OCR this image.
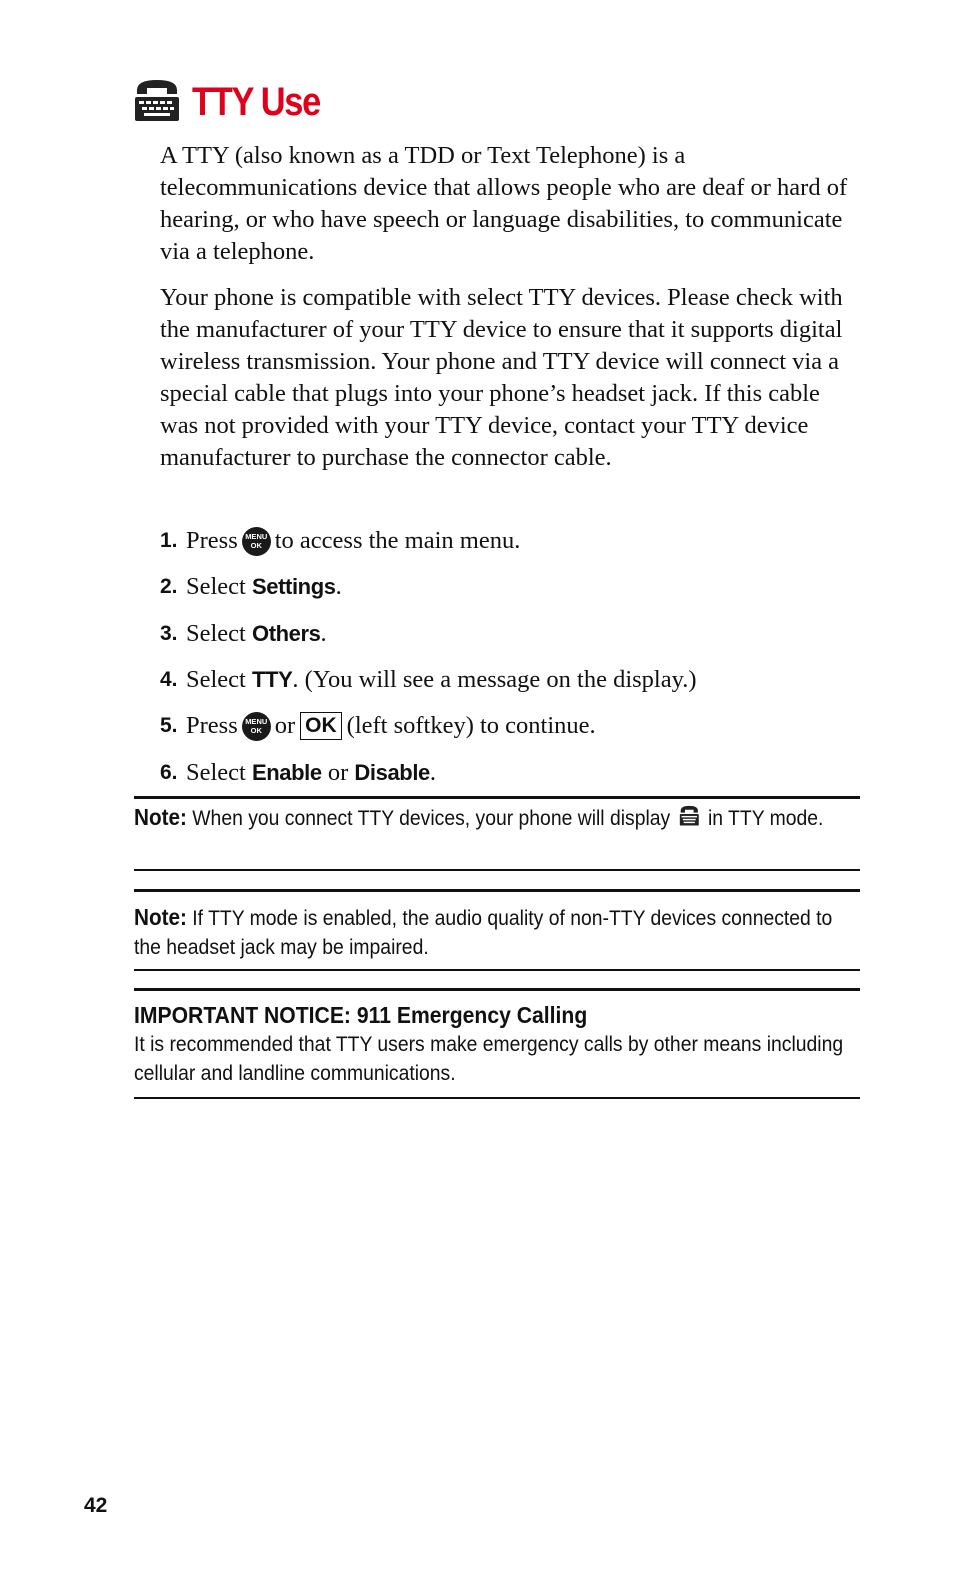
TTY Use

A TTY (also known as a TDD or Text Telephone) is a telecommunications device that allows people who are deaf or hard of hearing, or who have speech or language disabilities, to communicate via a telephone.

Your phone is compatible with select TTY devices. Please check with the manufacturer of your TTY device to ensure that it supports digital wireless transmission. Your phone and TTY device will connect via a special cable that plugs into your phone’s headset jack. If this cable was not provided with your TTY device, contact your TTY device manufacturer to purchase the connector cable.

1. Press MENU
OK to access the main menu.
2. Select
Settings .
3. Select
Others .
4. Select
TTY . (You will see a message on the display.)
5. Press MENU
OK or OK (left softkey) to continue.
6. Select
Enable
or
Disable .
Note: When you connect TTY devices, your phone will display in TTY mode.
Note: If TTY mode is enabled, the audio quality of non-TTY devices connected to the headset jack may be impaired.
IMPORTANT NOTICE: 911 Emergency Calling
It is recommended that TTY users make emergency calls by other means including cellular and landline communications.
42
